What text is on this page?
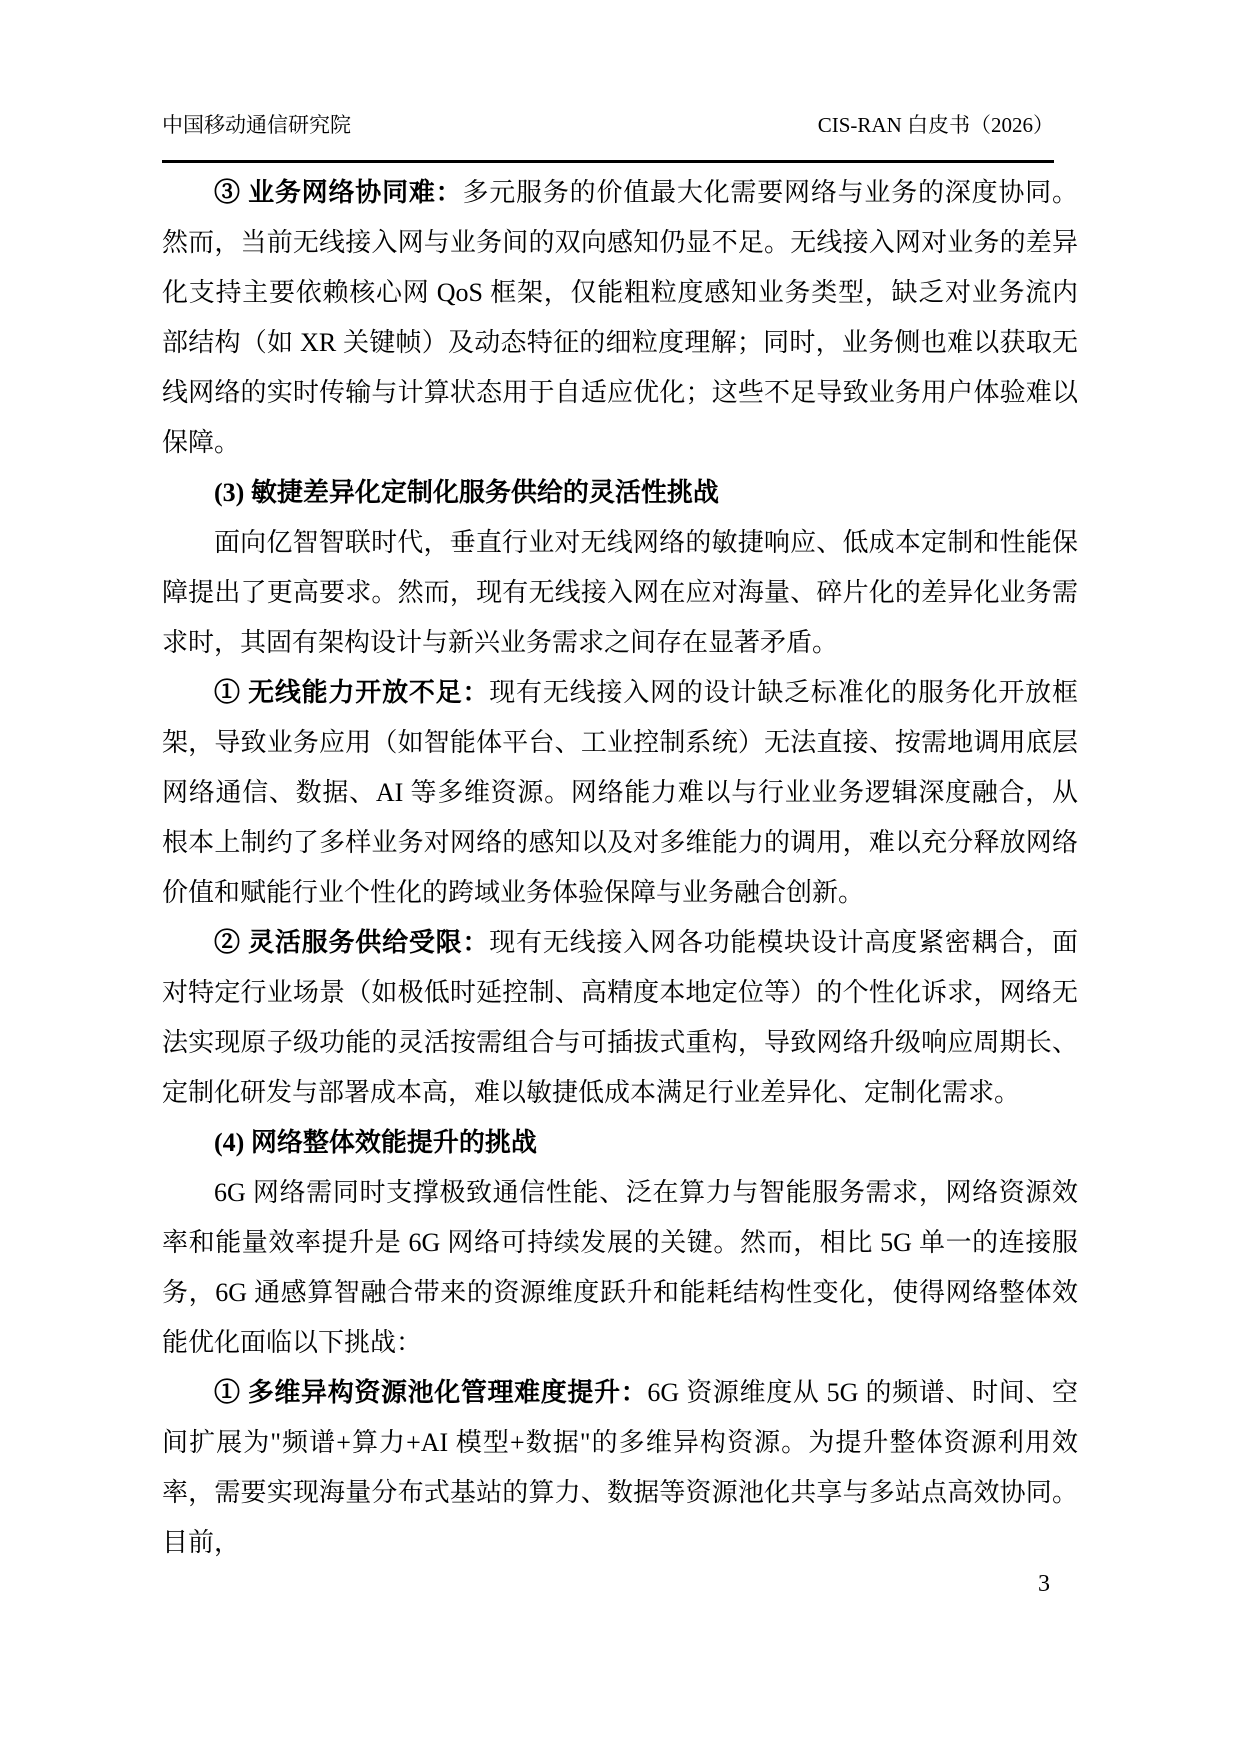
中国移动通信研究院	CIS-RAN 白皮书（2026）

③ 业务网络协同难：多元服务的价值最大化需要网络与业务的深度协同。然而，当前无线接入网与业务间的双向感知仍显不足。无线接入网对业务的差异化支持主要依赖核心网 QoS 框架，仅能粗粒度感知业务类型，缺乏对业务流内部结构（如 XR 关键帧）及动态特征的细粒度理解；同时，业务侧也难以获取无线网络的实时传输与计算状态用于自适应优化；这些不足导致业务用户体验难以保障。

(3) 敏捷差异化定制化服务供给的灵活性挑战

面向亿智智联时代，垂直行业对无线网络的敏捷响应、低成本定制和性能保障提出了更高要求。然而，现有无线接入网在应对海量、碎片化的差异化业务需求时，其固有架构设计与新兴业务需求之间存在显著矛盾。

① 无线能力开放不足：现有无线接入网的设计缺乏标准化的服务化开放框架，导致业务应用（如智能体平台、工业控制系统）无法直接、按需地调用底层网络通信、数据、AI 等多维资源。网络能力难以与行业业务逻辑深度融合，从根本上制约了多样业务对网络的感知以及对多维能力的调用，难以充分释放网络价值和赋能行业个性化的跨域业务体验保障与业务融合创新。

② 灵活服务供给受限：现有无线接入网各功能模块设计高度紧密耦合，面对特定行业场景（如极低时延控制、高精度本地定位等）的个性化诉求，网络无法实现原子级功能的灵活按需组合与可插拔式重构，导致网络升级响应周期长、定制化研发与部署成本高，难以敏捷低成本满足行业差异化、定制化需求。

(4) 网络整体效能提升的挑战

6G 网络需同时支撑极致通信性能、泛在算力与智能服务需求，网络资源效率和能量效率提升是 6G 网络可持续发展的关键。然而，相比 5G 单一的连接服务，6G 通感算智融合带来的资源维度跃升和能耗结构性变化，使得网络整体效能优化面临以下挑战：

① 多维异构资源池化管理难度提升：6G 资源维度从 5G 的频谱、时间、空间扩展为"频谱+算力+AI 模型+数据"的多维异构资源。为提升整体资源利用效率，需要实现海量分布式基站的算力、数据等资源池化共享与多站点高效协同。目前，

3
